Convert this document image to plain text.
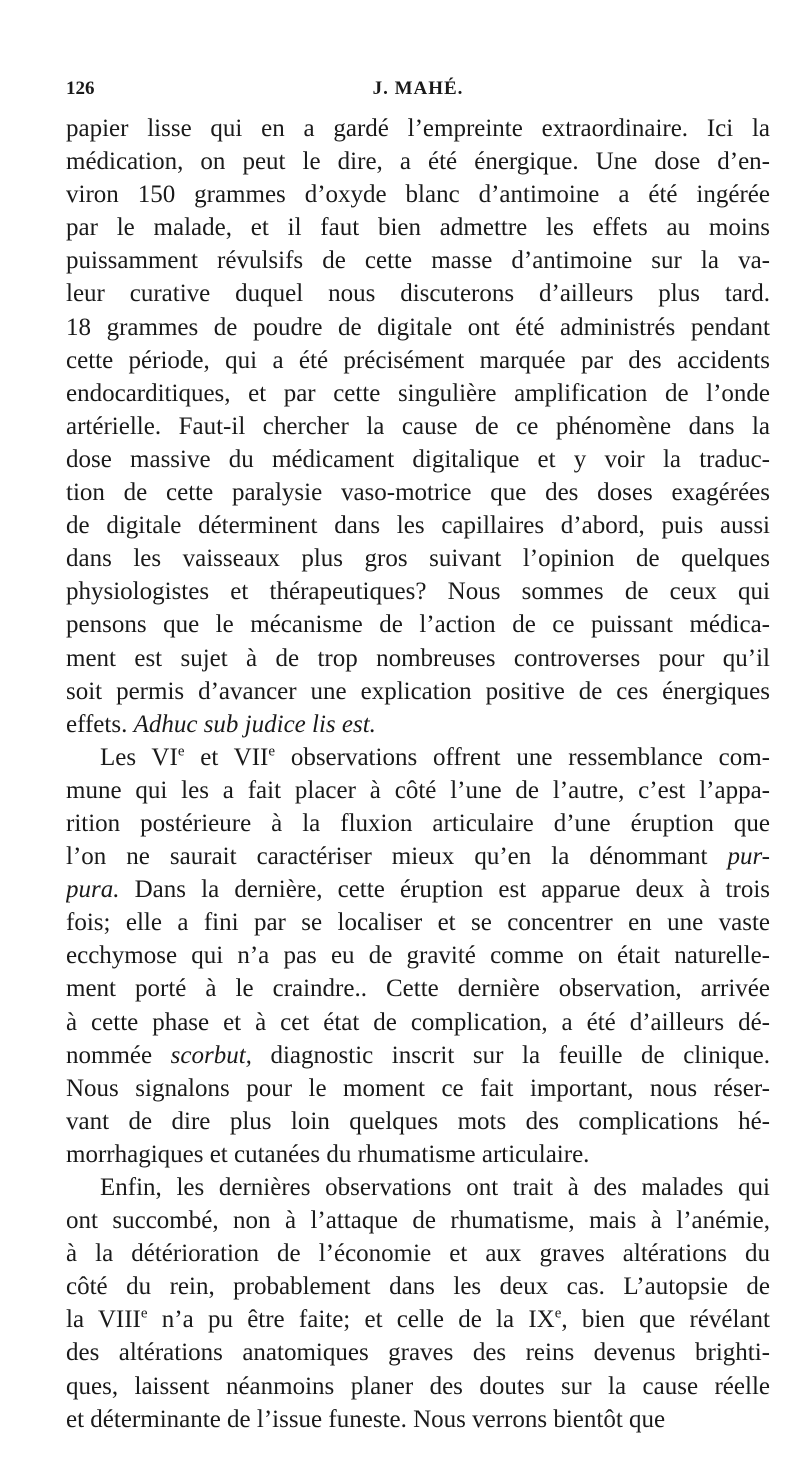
126	J. MAHÉ.
papier lisse qui en a gardé l’empreinte extraordinaire. Ici la
médication, on peut le dire, a été énergique. Une dose d’en-
viron 150 grammes d’oxyde blanc d’antimoine a été ingérée
par le malade, et il faut bien admettre les effets au moins
puissamment révulsifs de cette masse d’antimoine sur la va-
leur curative duquel nous discuterons d’ailleurs plus tard.
18 grammes de poudre de digitale ont été administrés pendant
cette période, qui a été précisément marquée par des accidents
endocarditiques, et par cette singulière amplification de l’onde
artérielle. Faut-il chercher la cause de ce phénomène dans la
dose massive du médicament digitalique et y voir la traduc-
tion de cette paralysie vaso-motrice que des doses exagérées
de digitale déterminent dans les capillaires d’abord, puis aussi
dans les vaisseaux plus gros suivant l’opinion de quelques
physiologistes et thérapeutiques? Nous sommes de ceux qui
pensons que le mécanisme de l’action de ce puissant médica-
ment est sujet à de trop nombreuses controverses pour qu’il
soit permis d’avancer une explication positive de ces énergiques
effets. Adhuc sub judice lis est.
Les VIe et VIIe observations offrent une ressemblance com-
mune qui les a fait placer à côté l’une de l’autre, c’est l’appa-
rition postérieure à la fluxion articulaire d’une éruption que
l’on ne saurait caractériser mieux qu’en la dénommant pur-
pura. Dans la dernière, cette éruption est apparue deux à trois
fois; elle a fini par se localiser et se concentrer en une vaste
ecchymose qui n’a pas eu de gravité comme on était naturelle-
ment porté à le craindre.. Cette dernière observation, arrivée
à cette phase et à cet état de complication, a été d’ailleurs dé-
nommée scorbut, diagnostic inscrit sur la feuille de clinique.
Nous signalons pour le moment ce fait important, nous réser-
vant de dire plus loin quelques mots des complications hé-
morrhagiques et cutanées du rhumatisme articulaire.
Enfin, les dernières observations ont trait à des malades qui
ont succombé, non à l’attaque de rhumatisme, mais à l’anémie,
à la détérioration de l’économie et aux graves altérations du
côté du rein, probablement dans les deux cas. L’autopsie de
la VIIIe n’a pu être faite; et celle de la IXe, bien que révélant
des altérations anatomiques graves des reins devenus brighti-
ques, laissent néanmoins planer des doutes sur la cause réelle
et déterminante de l’issue funeste. Nous verrons bientôt que
